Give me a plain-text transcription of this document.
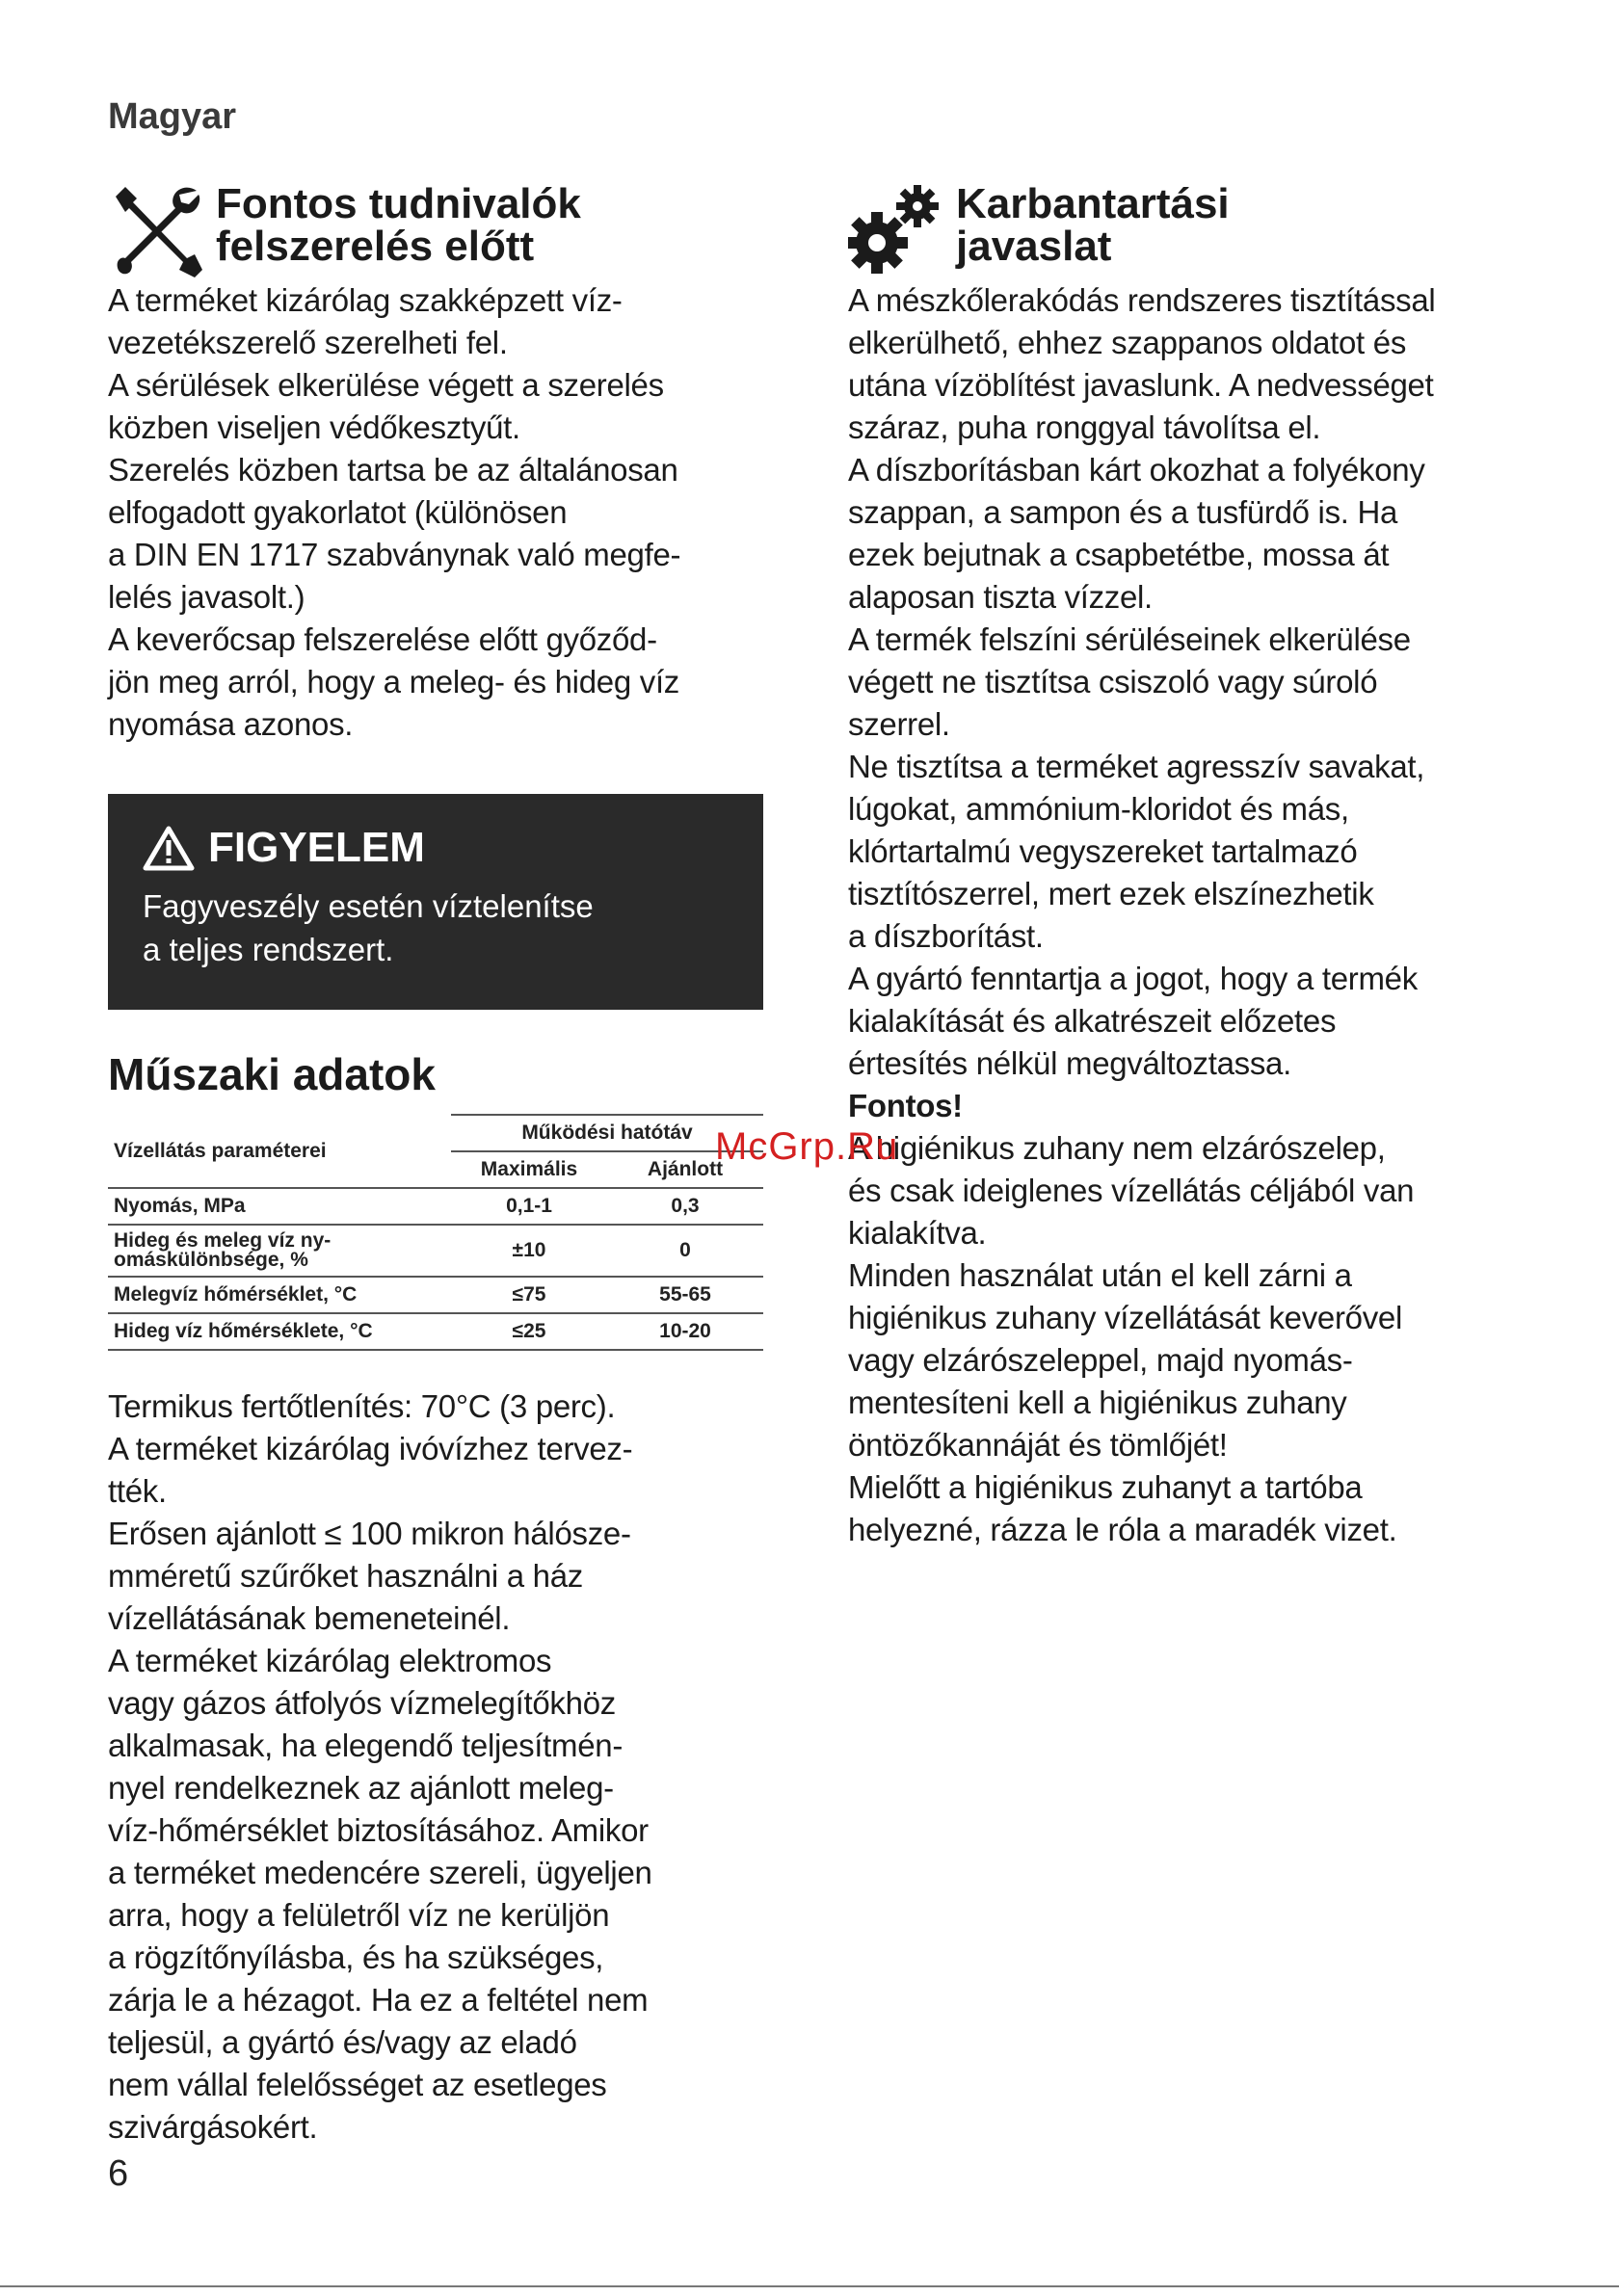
Magyar
Fontos tudnivalók
felszerelés előtt

A terméket kizárólag szakképzett víz-
vezetékszerelő szerelheti fel.
A sérülések elkerülése végett a szerelés
közben viseljen védőkesztyűt.
Szerelés közben tartsa be az általánosan
elfogadott gyakorlatot (különösen
a DIN EN 1717 szabványnak való megfe-
lelés javasolt.)
A keverőcsap felszerelése előtt győződ-
jön meg arról, hogy a meleg- és hideg víz
nyomása azonos.

FIGYELEM
Fagyveszély esetén víztelenítse
a teljes rendszert.
Műszaki adatok
Vízellátás paraméterei	Működési hatótáv	
	Maximális	Ajánlott
Nyomás, MPa	0,1-1	0,3
Hideg és meleg víz ny-
omáskülönbsége, %	±10	0
Melegvíz hőmérséklet, °C	≤75	55-65
Hideg víz hőmérséklete, °C	≤25	10-20

Termikus fertőtlenítés: 70°C (3 perc).
A terméket kizárólag ivóvízhez tervez-
tték.
Erősen ajánlott ≤ 100 mikron hálósze-
mméretű szűrőket használni a ház
vízellátásának bemeneteinél.
A terméket kizárólag elektromos
vagy gázos átfolyós vízmelegítőkhöz
alkalmasak, ha elegendő teljesítmén-
nyel rendelkeznek az ajánlott meleg-
víz-hőmérséklet biztosításához. Amikor
a terméket medencére szereli, ügyeljen
arra, hogy a felületről víz ne kerüljön
a rögzítőnyílásba, és ha szükséges,
zárja le a hézagot. Ha ez a feltétel nem
teljesül, a gyártó és/vagy az eladó
nem vállal felelősséget az esetleges
szivárgásokért.

Karbantartási
javaslat

A mészkőlerakódás rendszeres tisztítással
elkerülhető, ehhez szappanos oldatot és
utána vízöblítést javaslunk. A nedvességet
száraz, puha ronggyal távolítsa el.
A díszborításban kárt okozhat a folyékony
szappan, a sampon és a tusfürdő is. Ha
ezek bejutnak a csapbetétbe, mossa át
alaposan tiszta vízzel.
A termék felszíni sérüléseinek elkerülése
végett ne tisztítsa csiszoló vagy súroló
szerrel.
Ne tisztítsa a terméket agresszív savakat,
lúgokat, ammónium-kloridot és más,
klórtartalmú vegyszereket tartalmazó
tisztítószerrel, mert ezek elszínezhetik
a díszborítást.
A gyártó fenntartja a jogot, hogy a termék
kialakítását és alkatrészeit előzetes
értesítés nélkül megváltoztassa.

Fontos!

A higiénikus zuhany nem elzárószelep,
és csak ideiglenes vízellátás céljából van
kialakítva.
Minden használat után el kell zárni a
higiénikus zuhany vízellátását keverővel
vagy elzárószeleppel, majd nyomás-
mentesíteni kell a higiénikus zuhany
öntözőkannáját és tömlőjét!
Mielőtt a higiénikus zuhanyt a tartóba
helyezné, rázza le róla a maradék vizet.

McGrp.Ru
6
